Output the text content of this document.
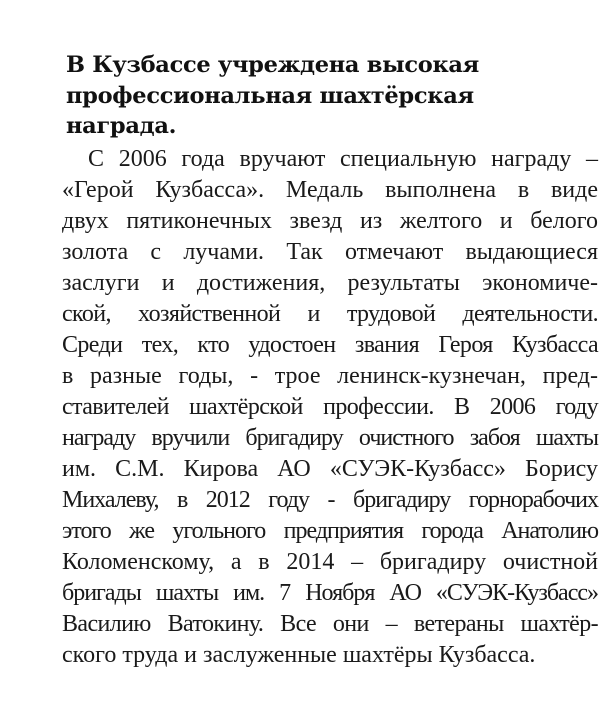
В Кузбассе учреждена высокая
профессиональная шахтёрская
награда.
С 2006 года вручают специальную награду –
«Герой Кузбасса». Медаль выполнена в виде
двух пятиконечных звезд из желтого и белого
золота с лучами. Так отмечают выдающиеся
заслуги и достижения, результаты экономиче-
ской, хозяйственной и трудовой деятельности.
Среди тех, кто удостоен звания Героя Кузбасса
в разные годы, - трое ленинск-кузнечан, пред-
ставителей шахтёрской профессии. В 2006 году
награду вручили бригадиру очистного забоя шахты
им. С.М. Кирова АО «СУЭК-Кузбасс» Борису
Михалеву, в 2012 году - бригадиру горнорабочих
этого же угольного предприятия города Анатолию
Коломенскому, а в 2014 – бригадиру очистной
бригады шахты им. 7 Ноября АО «СУЭК-Кузбасс»
Василию Ватокину. Все они – ветераны шахтёр-
ского труда и заслуженные шахтёры Кузбасса.
